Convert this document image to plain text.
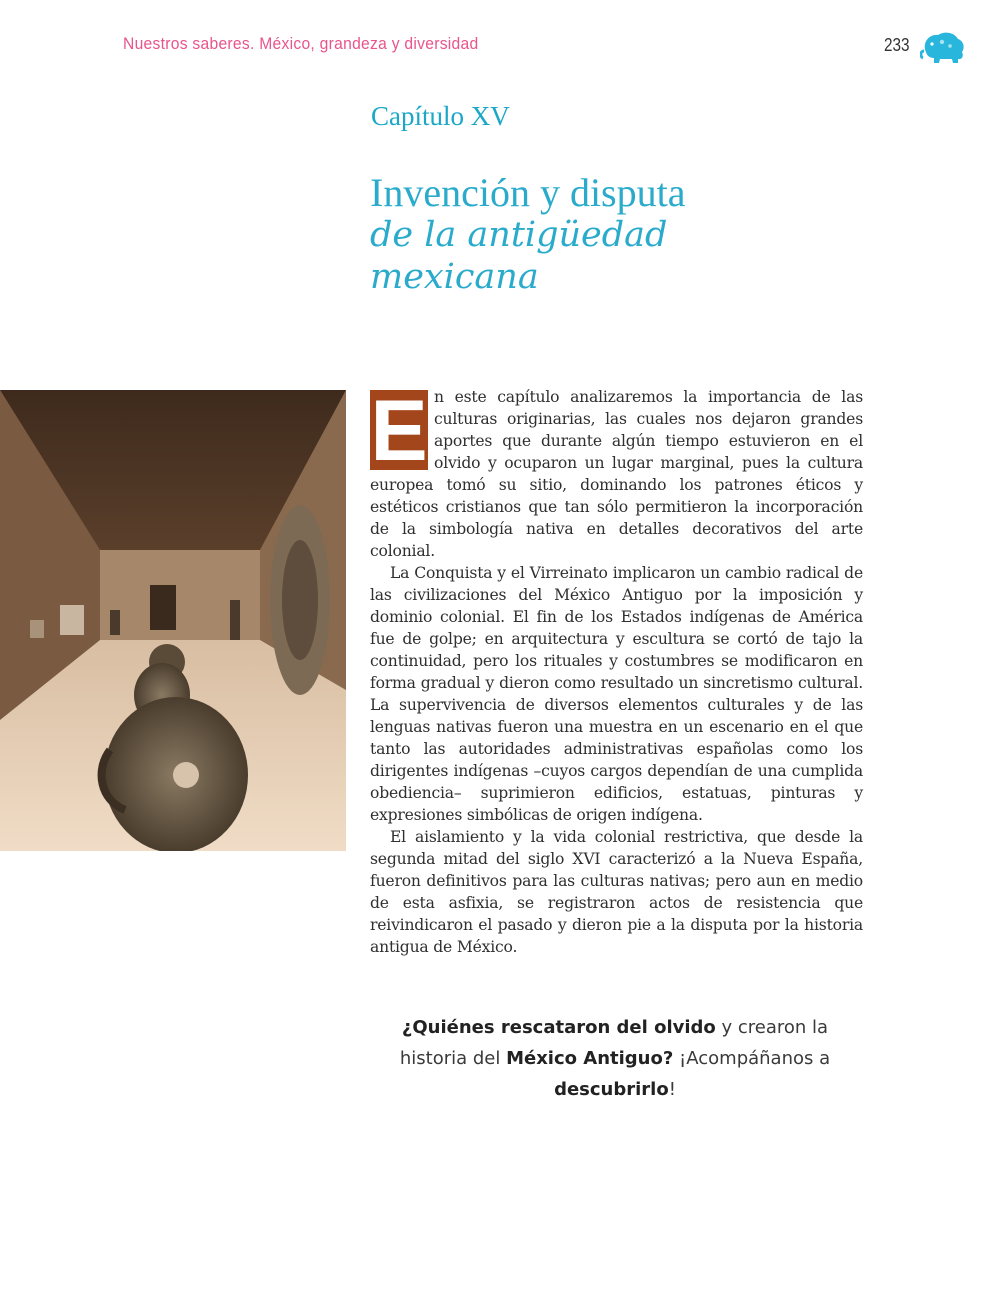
Nuestros saberes. México, grandeza y diversidad	233
Capítulo XV
Invención y disputa
de la antigüedad
mexicana

E n este capítulo analizaremos la importancia de las culturas originarias, las cuales nos dejaron grandes aportes que durante algún tiempo estuvieron en el olvido y ocuparon un lugar marginal, pues la cultura europea tomó su sitio, dominando los patrones éticos y estéticos cristianos que tan sólo permitieron la incorporación de la simbología nativa en detalles decorativos del arte colonial.

La Conquista y el Virreinato implicaron un cambio radical de las civilizaciones del México Antiguo por la imposición y dominio colonial. El fin de los Estados indígenas de América fue de golpe; en arquitectura y escultura se cortó de tajo la continuidad, pero los rituales y costumbres se modificaron en forma gradual y dieron como resultado un sincretismo cultural. La supervivencia de diversos elementos culturales y de las lenguas nativas fueron una muestra en un escenario en el que tanto las autoridades administrativas españolas como los dirigentes indígenas –cuyos cargos dependían de una cumplida obediencia– suprimieron edificios, estatuas, pinturas y expresiones simbólicas de origen indígena.

El aislamiento y la vida colonial restrictiva, que desde la segunda mitad del siglo XVI caracterizó a la Nueva España, fueron definitivos para las culturas nativas; pero aun en medio de esta asfixia, se registraron actos de resistencia que reivindicaron el pasado y dieron pie a la disputa por la historia antigua de México.

¿Quiénes rescataron del olvido y crearon la historia del México Antiguo? ¡Acompáñanos a descubrirlo!
